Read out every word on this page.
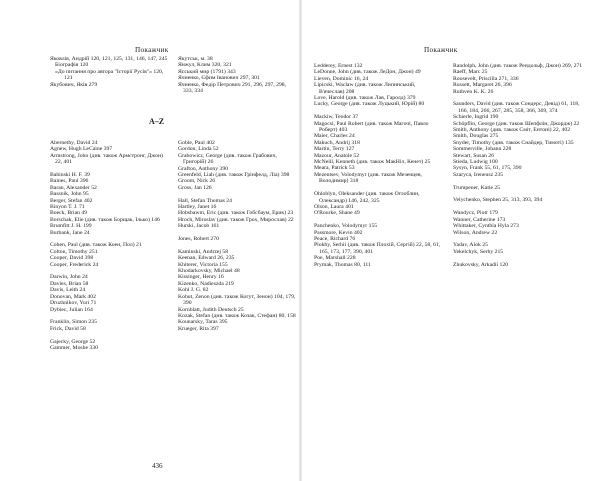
Покажчик

Яковлів, Андрій 120, 121, 125, 131, 146, 147, 245

Біографія 120

«До питання про автора "Історії Русів"» 120, 121

Якубович, Яків 279

Якутськ, м. 38

Янжул, Клим 320, 321

Ясський мир (1791) 343

Ячненко, Єфим Іванович 297, 301

Ячненко, Федір Петрович 291, 296, 297, 298, 333, 334

A–Z

Abernethy, David 24

Agnew, Hugh LeCaine 397

Armstrong, John (див. також Армстронг, Джон) 22, 401

Babinski H. F. 39

Baines, Paul 396

Baran, Alexander 52

Bassnik, John 95

Berger, Stefan 402

Binyon T. J. 71

Boeck, Brian 49

Borschak, Elie (див. також Борщак, Ілько) 146

Brumfitt J. H. 199

Burbank, Jane 24

Cohen, Paul (див. також Коен, Пол) 21

Colton, Timothy 251

Cooper, David 398

Cooper, Frederick 24

Darwin, John 24

Davies, Brian 58

Davis, Leith 24

Donovan, Mark 402

Druzhnikov, Yuri 71

Dybiec, Julian 164

Franklin, Simon 235

Frick, David 58

Gajecky, George 52

Gammer, Moshe 330

Goble, Paul 402

Gordon, Linda 52

Grabowicz, George (див. також Грабович, Григорій) 26

Grafton, Anthony 390

Greenfeld, Liah (див. також Грінфелд, Ліа) 398

Groom, Nick 26

Gross, Jan 126

Hall, Stefan Thomas 24

Hartley, Janet 16

Hobsbawm, Eric (див. також Гобсбаум, Ерик) 23

Hroch, Miroslav (див. також Грох, Мирослав) 22

Hurski, Jacob 161

Jones, Robert 270

Kaminski, Andrzej 58

Keenan, Edward 26, 235

Khiterer, Victoria 155

Khodarkovsky, Michael 48

Kissinger, Henry 16

Kizenko, Nadieszda 219

Kohl J. G. 82

Kohut, Zenon (див. також Когут, Зенон) 104, 179, 390

Kornblatt, Judith Deutsch 25

Kozak, Stefan (див. також Козак, Стефан) 80, 158

Kounarsky, Taras 395

Krueger, Rita 397

436
Покажчик

Ledderey, Ernest 132

LeDonne, John (див. також ЛеДон, Джон) 49

Lieven, Dominic 16, 24

Lipicski, Waclaw (див. також Липинський, В'ячеслав) 208

Love, Harold (див. також Лав, Гаролд) 379

Lucky, George (див. також Луцький, Юрій) 80

Mackiw, Teodor 37

Magocsi, Paul Robert (див. також Магочі, Павло Роберт) 403

Maier, Charles 24

Makuch, Andrij 318

Martin, Terry 127

Mazour, Anatole 52

McNeill, Kenneth (див. також МакНіл, Кенет) 25

Meara, Patrick 53

Mezentsev, Volodymyr (див. також Мезенцев, Володимир) 318

Ohloblyn, Oleksander (див. також Оглоблин, Олександр) 146, 242, 325

Olson, Laura 401

O'Rourke, Shane 49

Panchenko, Volodymyr 155

Passmore, Kevin 402

Peace, Richard 76

Plokhy, Serhii (див. також Плохій, Сергій) 22, 58, 61, 165, 173, 177, 390, 401

Poe, Marshall 228

Prymak, Thomas 80, 111

Randolph, John (див. також Рендольф, Джон) 269, 271

Raeff, Marc 25

Roosevelt, Priscilla 271, 336

Russett, Margaret 26, 396

Ruthven K. K. 26

Saunders, David (див. також Сондерс, Девід) 61, 118, 166, 184, 266, 267, 285, 358, 366, 369, 374

Schierle, Ingrid 190

Schöpflin, George (див. також Шепфлін, Джордж) 22

Smith, Anthony (див. також Сміт, Ентоні) 22, 402

Smith, Douglas 275

Snyder, Timothy (див. також Снайдер, Тимоті) 135

Sommerville, Johann 228

Stewart, Susan 26

Stieda, Ludwig 100

Sysyn, Frank 55, 61, 175, 390

Szaryca, Ireneusz 235

Trumpener, Katie 25

Velychenko, Stephen 25, 313, 393, 394

Wandycz, Piotr 179

Wanner, Catherine 173

Whittaker, Cynthia Hyla 273

Wilson, Andrew 22

Yadav, Alok 25

Yekelchyk, Serhy 215

Zhukovsky, Arkadii 120
